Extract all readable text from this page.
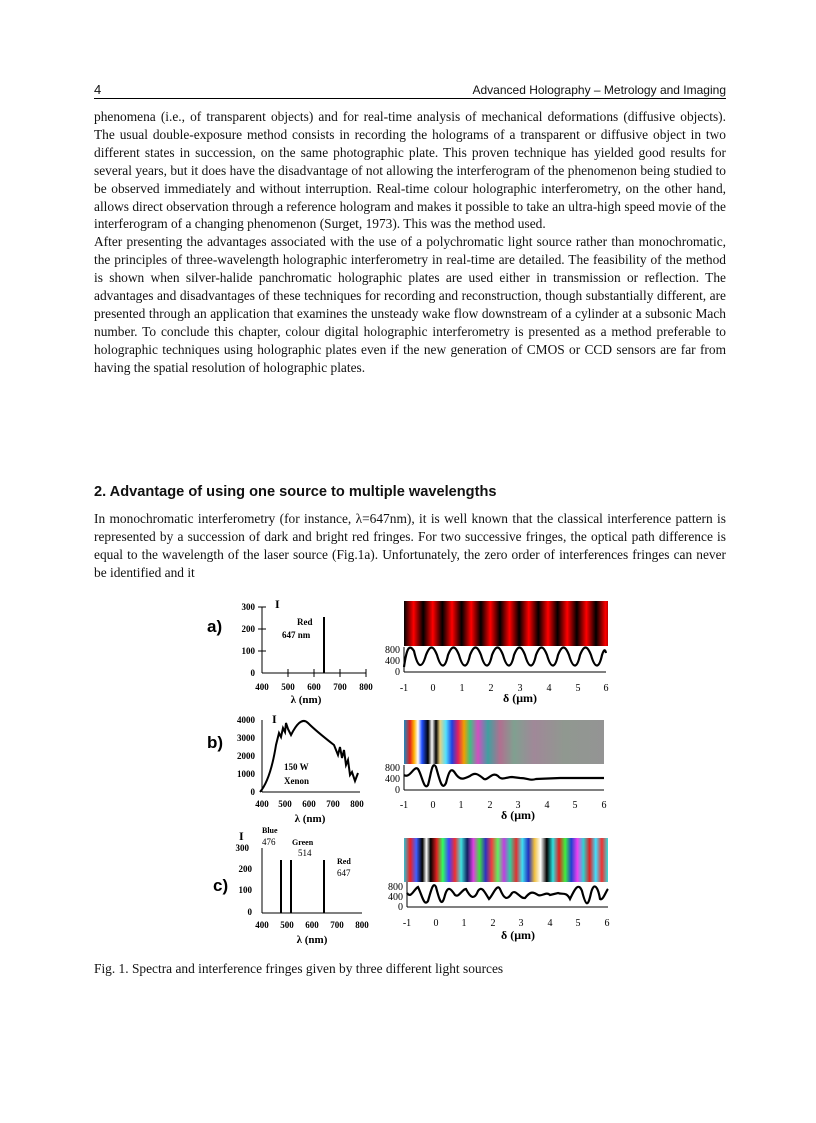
4	Advanced Holography – Metrology and Imaging

phenomena (i.e., of transparent objects) and for real-time analysis of mechanical deformations (diffusive objects). The usual double-exposure method consists in recording the holograms of a transparent or diffusive object in two different states in succession, on the same photographic plate. This proven technique has yielded good results for several years, but it does have the disadvantage of not allowing the interferogram of the phenomenon being studied to be observed immediately and without interruption. Real-time colour holographic interferometry, on the other hand, allows direct observation through a reference hologram and makes it possible to take an ultra-high speed movie of the interferogram of a changing phenomenon (Surget, 1973). This was the method used.

After presenting the advantages associated with the use of a polychromatic light source rather than monochromatic, the principles of three-wavelength holographic interferometry in real-time are detailed. The feasibility of the method is shown when silver-halide panchromatic holographic plates are used either in transmission or reflection. The advantages and disadvantages of these techniques for recording and reconstruction, though substantially different, are presented through an application that examines the unsteady wake flow downstream of a cylinder at a subsonic Mach number. To conclude this chapter, colour digital holographic interferometry is presented as a method preferable to holographic techniques using holographic plates even if the new generation of CMOS or CCD sensors are far from having the spatial resolution of holographic plates.

2. Advantage of using one source to multiple wavelengths

In monochromatic interferometry (for instance, λ=647nm), it is well known that the classical interference pattern is represented by a succession of dark and bright red fringes. For two successive fringes, the optical path difference is equal to the wavelength of the laser source (Fig.1a). Unfortunately, the zero order of interferences fringes can never be identified and it

a)
300
200
100
0
I
Red
647 nm
400 500 600 700 800
λ (nm)
800
400
0
-1 0 1 2 3 4 5 6
δ (μm)
b)
4000
3000
2000
1000
0
I
150 W
Xenon
400 500 600 700 800
λ (nm)
800
400
0
-1 0 1 2 3 4 5 6
δ (μm)
c)
300
200
100
0
I Blue
476 Green
514
Red
647
400 500 600 700 800
λ (nm)
800
400
0
-1 0 1 2 3 4 5 6
δ (μm)
Fig. 1. Spectra and interference fringes given by three different light sources
